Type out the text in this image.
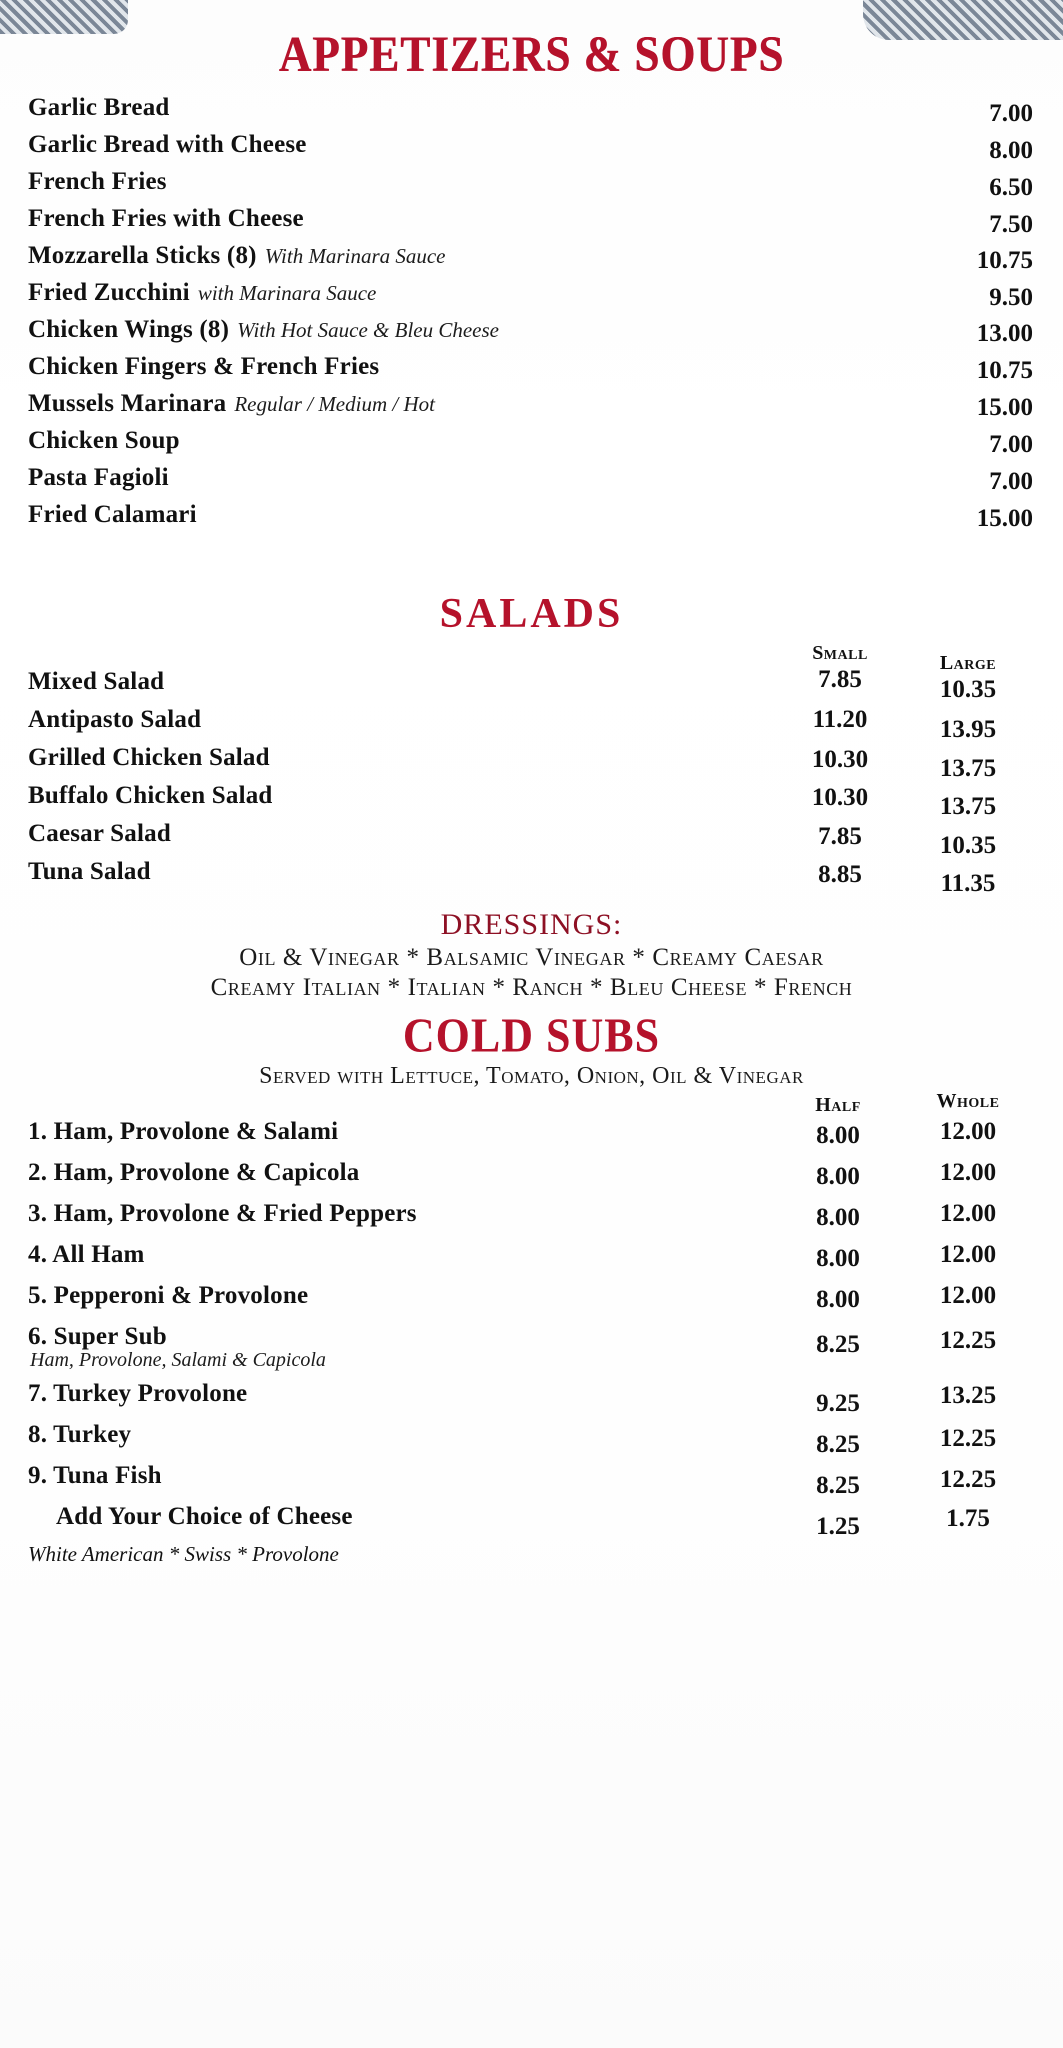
APPETIZERS & SOUPS
Garlic Bread	7.00
Garlic Bread with Cheese	8.00
French Fries	6.50
French Fries with Cheese	7.50
Mozzarella Sticks (8) With Marinara Sauce	10.75
Fried Zucchini with Marinara Sauce	9.50
Chicken Wings (8) With Hot Sauce & Bleu Cheese	13.00
Chicken Fingers & French Fries	10.75
Mussels Marinara Regular / Medium / Hot	15.00
Chicken Soup	7.00
Pasta Fagioli	7.00
Fried Calamari	15.00
SALADS
Small	Large
Mixed Salad	7.85	10.35
Antipasto Salad	11.20	13.95
Grilled Chicken Salad	10.30	13.75
Buffalo Chicken Salad	10.30	13.75
Caesar Salad	7.85	10.35
Tuna Salad	8.85	11.35
DRESSINGS:
Oil & Vinegar * Balsamic Vinegar * Creamy Caesar
Creamy Italian * Italian * Ranch * Bleu Cheese * French
COLD SUBS
Served with Lettuce, Tomato, Onion, Oil & Vinegar
Half	Whole
1. Ham, Provolone & Salami	8.00	12.00
2. Ham, Provolone & Capicola	8.00	12.00
3. Ham, Provolone & Fried Peppers	8.00	12.00
4. All Ham	8.00	12.00
5. Pepperoni & Provolone	8.00	12.00
6. Super Sub	8.25	12.25
Ham, Provolone, Salami & Capicola
7. Turkey Provolone	9.25	13.25
8. Turkey	8.25	12.25
9. Tuna Fish	8.25	12.25
Add Your Choice of Cheese	1.25	1.75
White American * Swiss * Provolone
